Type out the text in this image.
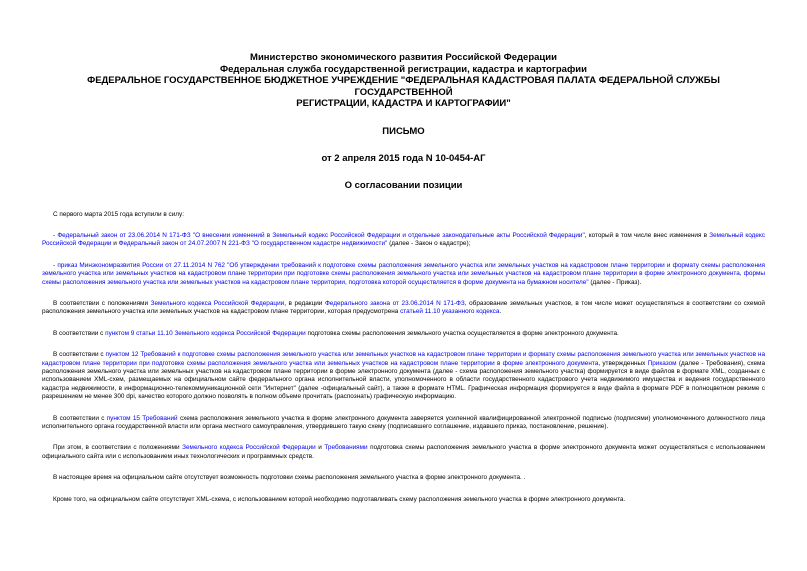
Министерство экономического развития Российской Федерации
Федеральная служба государственной регистрации, кадастра и картографии
ФЕДЕРАЛЬНОЕ ГОСУДАРСТВЕННОЕ БЮДЖЕТНОЕ УЧРЕЖДЕНИЕ "ФЕДЕРАЛЬНАЯ КАДАСТРОВАЯ ПАЛАТА ФЕДЕРАЛЬНОЙ СЛУЖБЫ ГОСУДАРСТВЕННОЙ
РЕГИСТРАЦИИ, КАДАСТРА И КАРТОГРАФИИ"
ПИСЬМО
от 2 апреля 2015 года N 10-0454-АГ
О согласовании позиции

С первого марта 2015 года вступили в силу:

- Федеральный закон от 23.06.2014 N 171-ФЗ "О внесении изменений в Земельный кодекс Российской Федерации и отдельные законодательные акты Российской Федерации", который в том числе внес изменения в Земельный кодекс Российской Федерации и Федеральный закон от 24.07.2007 N 221-ФЗ "О государственном кадастре недвижимости" (далее - Закон о кадастре);

- приказ Минэкономразвития России от 27.11.2014 N 762 "Об утверждении требований к подготовке схемы расположения земельного участка или земельных участков на кадастровом плане территории и формату схемы расположения земельного участка или земельных участков на кадастровом плане территории при подготовке схемы расположения земельного участка или земельных участков на кадастровом плане территории в форме электронного документа, формы схемы расположения земельного участка или земельных участков на кадастровом плане территории, подготовка которой осуществляется в форме документа на бумажном носителе" (далее - Приказ).

В соответствии с положениями Земельного кодекса Российской Федерации, в редакции Федерального закона от 23.06.2014 N 171-ФЗ, образование земельных участков, в том числе может осуществляться в соответствии со схемой расположения земельного участка или земельных участков на кадастровом плане территории, которая предусмотрена статьей 11.10 указанного кодекса.

В соответствии с пунктом 9 статьи 11.10 Земельного кодекса Российской Федерации подготовка схемы расположения земельного участка осуществляется в форме электронного документа.

В соответствии с пунктом 12 Требований к подготовке схемы расположения земельного участка или земельных участков на кадастровом плане территории и формату схемы расположения земельного участка или земельных участков на кадастровом плане территории при подготовке схемы расположения земельного участка или земельных участков на кадастровом плане территории в форме электронного документа, утвержденных Приказом (далее - Требования), схема расположения земельного участка или земельных участков на кадастровом плане территории в форме электронного документа (далее - схема расположения земельного участка) формируется в виде файлов в формате XML, созданных с использованием XML-схем, размещаемых на официальном сайте федерального органа исполнительной власти, уполномоченного в области государственного кадастрового учета недвижимого имущества и ведения государственного кадастра недвижимости, в информационно-телекоммуникационной сети "Интернет" (далее -официальный сайт), а также в формате HTML. Графическая информация формируется в виде файла в формате PDF в полноцветном режиме с разрешением не менее 300 dpi, качество которого должно позволять в полном объеме прочитать (распознать) графическую информацию.

В соответствии с пунктом 15 Требований схема расположения земельного участка в форме электронного документа заверяется усиленной квалифицированной электронной подписью (подписями) уполномоченного должностного лица исполнительного органа государственной власти или органа местного самоуправления, утвердившего такую схему (подписавшего соглашение, издавшего приказ, постановление, решение).

При этом, в соответствии с положениями Земельного кодекса Российской Федерации и Требованиями подготовка схемы расположения земельного участка в форме электронного документа может осуществляться с использованием официального сайта или с использованием иных технологических и программных средств.

В настоящее время на официальном сайте отсутствует возможность подготовки схемы расположения земельного участка в форме электронного документа. .

Кроме того, на официальном сайте отсутствует XML-схема, с использованием которой необходимо подготавливать схему расположения земельного участка в форме электронного документа.
